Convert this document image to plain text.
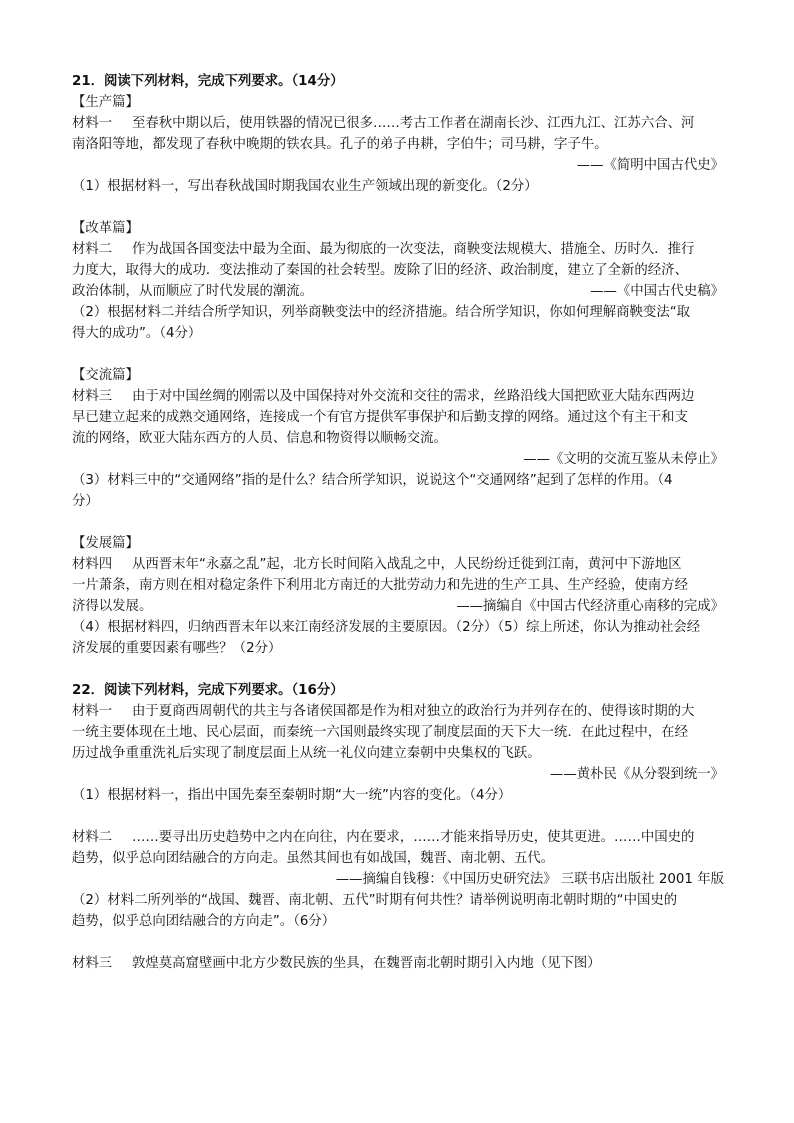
21．阅读下列材料，完成下列要求。（14分）
【生产篇】
材料一 至春秋中期以后，使用铁器的情况已很多……考古工作者在湖南长沙、江西九江、江苏六合、河
南洛阳等地，都发现了春秋中晚期的铁农具。孔子的弟子冉耕，字伯牛；司马耕，字子牛。
——《简明中国古代史》
（1）根据材料一，写出春秋战国时期我国农业生产领域出现的新变化。（2分）
【改革篇】
材料二 作为战国各国变法中最为全面、最为彻底的一次变法，商鞅变法规模大、措施全、历时久．推行
力度大，取得大的成功．变法推动了秦国的社会转型。废除了旧的经济、政治制度，建立了全新的经济、
政治体制，从而顺应了时代发展的潮流。	——《中国古代史稿》
（2）根据材料二并结合所学知识，列举商鞅变法中的经济措施。结合所学知识，你如何理解商鞅变法“取
得大的成功”。（4分）
【交流篇】
材料三 由于对中国丝绸的刚需以及中国保持对外交流和交往的需求，丝路沿线大国把欧亚大陆东西两边
早已建立起来的成熟交通网络，连接成一个有官方提供军事保护和后勤支撑的网络。通过这个有主干和支
流的网络，欧亚大陆东西方的人员、信息和物资得以顺畅交流。
——《文明的交流互鉴从未停止》
（3）材料三中的“交通网络”指的是什么？结合所学知识，说说这个“交通网络”起到了怎样的作用。（4
分）
【发展篇】
材料四 从西晋末年“永嘉之乱”起，北方长时间陷入战乱之中，人民纷纷迁徙到江南，黄河中下游地区
一片萧条，南方则在相对稳定条件下利用北方南迁的大批劳动力和先进的生产工具、生产经验，使南方经
济得以发展。	——摘编自《中国古代经济重心南移的完成》
（4）根据材料四，归纳西晋末年以来江南经济发展的主要原因。（2分）（5）综上所述，你认为推动社会经
济发展的重要因素有哪些？（2分）
22．阅读下列材料，完成下列要求。（16分）
材料一 由于夏商西周朝代的共主与各诸侯国都是作为相对独立的政治行为并列存在的、使得该时期的大
一统主要体现在土地、民心层面，而秦统一六国则最终实现了制度层面的天下大一统．在此过程中，在经
历过战争重重洗礼后实现了制度层面上从统一礼仪向建立秦朝中央集权的飞跃。
——黄朴民《从分裂到统一》
（1）根据材料一，指出中国先秦至秦朝时期“大一统”内容的变化。（4分）
材料二 ……要寻出历史趋势中之内在向往，内在要求，……才能来指导历史，使其更进。……中国史的
趋势，似乎总向团结融合的方向走。虽然其间也有如战国，魏晋、南北朝、五代。
——摘编自钱穆：《中国历史研究法》 三联书店出版社 2001 年版
（2）材料二所列举的“战国、魏晋、南北朝、五代”时期有何共性？请举例说明南北朝时期的“中国史的
趋势，似乎总向团结融合的方向走”。（6分）
材料三 敦煌莫高窟壁画中北方少数民族的坐具，在魏晋南北朝时期引入内地（见下图）
